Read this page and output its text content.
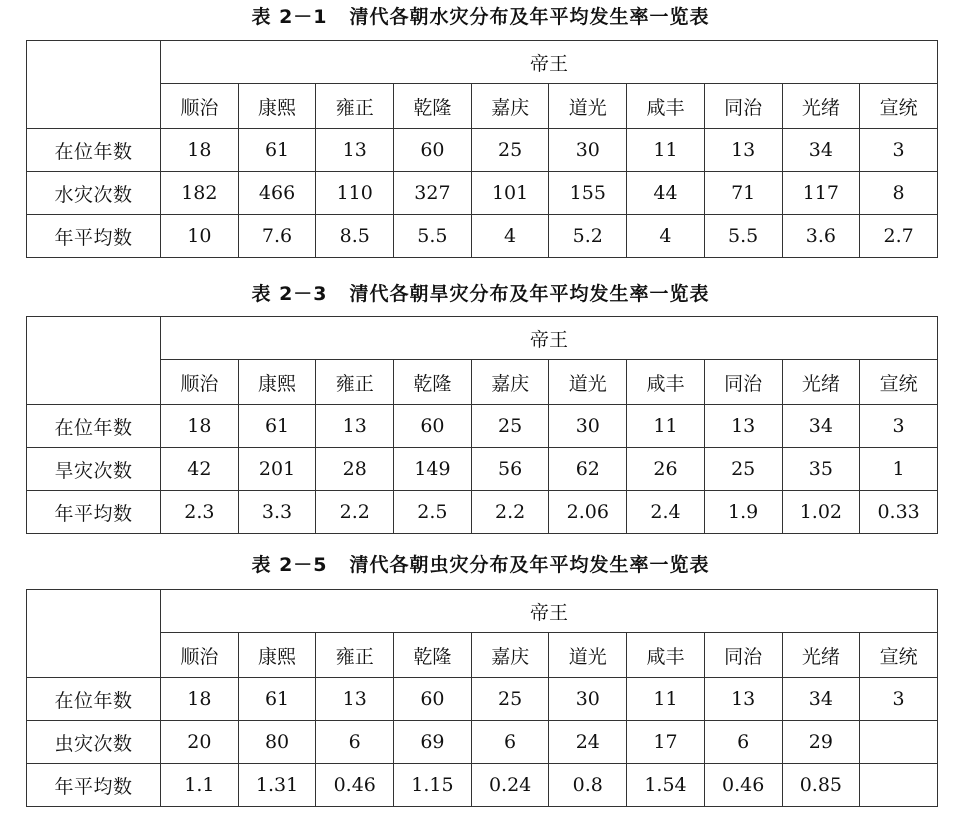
表 2－1 清代各朝水灾分布及年平均发生率一览表
	帝王									
	顺治	康熙	雍正	乾隆	嘉庆	道光	咸丰	同治	光绪	宣统
在位年数	18	61	13	60	25	30	11	13	34	3
水灾次数	182	466	110	327	101	155	44	71	117	8
年平均数	10	7.6	8.5	5.5	4	5.2	4	5.5	3.6	2.7
表 2－3 清代各朝旱灾分布及年平均发生率一览表
	帝王									
	顺治	康熙	雍正	乾隆	嘉庆	道光	咸丰	同治	光绪	宣统
在位年数	18	61	13	60	25	30	11	13	34	3
旱灾次数	42	201	28	149	56	62	26	25	35	1
年平均数	2.3	3.3	2.2	2.5	2.2	2.06	2.4	1.9	1.02	0.33
表 2－5 清代各朝虫灾分布及年平均发生率一览表
	帝王									
	顺治	康熙	雍正	乾隆	嘉庆	道光	咸丰	同治	光绪	宣统
在位年数	18	61	13	60	25	30	11	13	34	3
虫灾次数	20	80	6	69	6	24	17	6	29	
年平均数	1.1	1.31	0.46	1.15	0.24	0.8	1.54	0.46	0.85	
